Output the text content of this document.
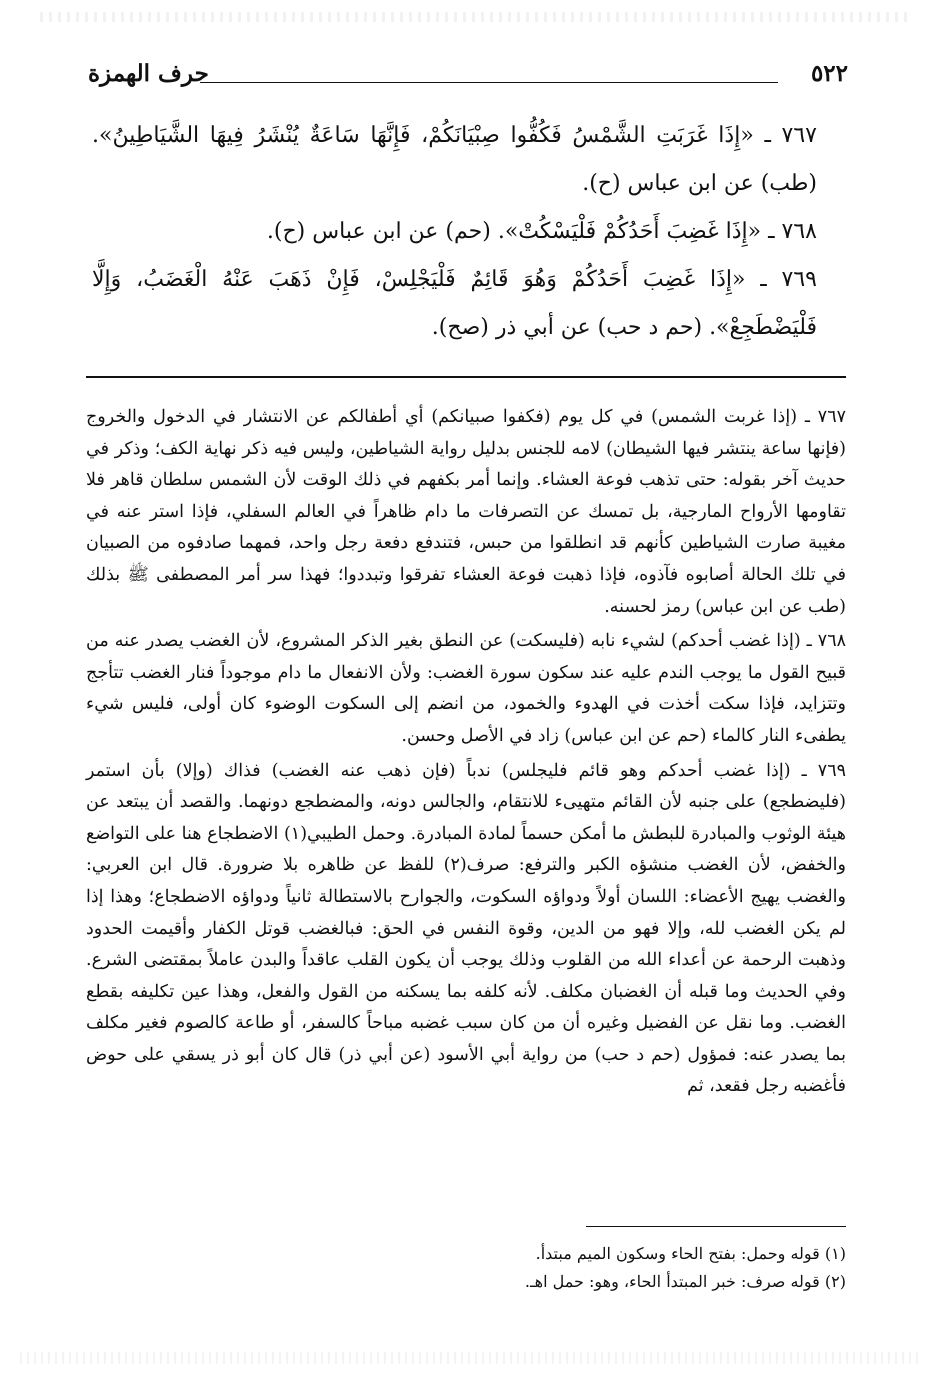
٥٢٢
حرف الهمزة

٧٦٧ ـ «إِذَا غَرَبَتِ الشَّمْسُ فَكُفُّوا صِبْيَانَكُمْ، فَإِنَّهَا سَاعَةٌ يُنْشَرُ فِيهَا الشَّيَاطِينُ». (طب) عن ابن عباس (ح).

٧٦٨ ـ «إِذَا غَضِبَ أَحَدُكُمْ فَلْيَسْكُتْ». (حم) عن ابن عباس (ح).

٧٦٩ ـ «إِذَا غَضِبَ أَحَدُكُمْ وَهُوَ قَائِمٌ فَلْيَجْلِسْ، فَإِنْ ذَهَبَ عَنْهُ الْغَضَبُ، وَإِلَّا فَلْيَضْطَجِعْ». (حم د حب) عن أبي ذر (صح).

٧٦٧ ـ (إذا غربت الشمس) في كل يوم (فكفوا صبيانكم) أي أطفالكم عن الانتشار في الدخول والخروج (فإنها ساعة ينتشر فيها الشيطان) لامه للجنس بدليل رواية الشياطين، وليس فيه ذكر نهاية الكف؛ وذكر في حديث آخر بقوله: حتى تذهب فوعة العشاء. وإنما أمر بكفهم في ذلك الوقت لأن الشمس سلطان قاهر فلا تقاومها الأرواح المارجية، بل تمسك عن التصرفات ما دام ظاهراً في العالم السفلي، فإذا استر عنه في مغيبة صارت الشياطين كأنهم قد انطلقوا من حبس، فتندفع دفعة رجل واحد، فمهما صادفوه من الصبيان في تلك الحالة أصابوه فآذوه، فإذا ذهبت فوعة العشاء تفرقوا وتبددوا؛ فهذا سر أمر المصطفى ﷺ بذلك (طب عن ابن عباس) رمز لحسنه.

٧٦٨ ـ (إذا غضب أحدكم) لشيء نابه (فليسكت) عن النطق بغير الذكر المشروع، لأن الغضب يصدر عنه من قبيح القول ما يوجب الندم عليه عند سكون سورة الغضب: ولأن الانفعال ما دام موجوداً فنار الغضب تتأجج وتتزايد، فإذا سكت أخذت في الهدوء والخمود، من انضم إلى السكوت الوضوء كان أولى، فليس شيء يطفىء النار كالماء (حم عن ابن عباس) زاد في الأصل وحسن.

٧٦٩ ـ (إذا غضب أحدكم وهو قائم فليجلس) ندباً (فإن ذهب عنه الغضب) فذاك (وإلا) بأن استمر (فليضطجع) على جنبه لأن القائم متهيىء للانتقام، والجالس دونه، والمضطجع دونهما. والقصد أن يبتعد عن هيئة الوثوب والمبادرة للبطش ما أمكن حسماً لمادة المبادرة. وحمل الطيبي(١) الاضطجاع هنا على التواضع والخفض، لأن الغضب منشؤه الكبر والترفع: صرف(٢) للفظ عن ظاهره بلا ضرورة. قال ابن العربي: والغضب يهيج الأعضاء: اللسان أولاً ودواؤه السكوت، والجوارح بالاستطالة ثانياً ودواؤه الاضطجاع؛ وهذا إذا لم يكن الغضب لله، وإلا فهو من الدين، وقوة النفس في الحق: فبالغضب قوتل الكفار وأقيمت الحدود وذهبت الرحمة عن أعداء الله من القلوب وذلك يوجب أن يكون القلب عاقداً والبدن عاملاً بمقتضى الشرع. وفي الحديث وما قبله أن الغضبان مكلف. لأنه كلفه بما يسكنه من القول والفعل، وهذا عين تكليفه بقطع الغضب. وما نقل عن الفضيل وغيره أن من كان سبب غضبه مباحاً كالسفر، أو طاعة كالصوم فغير مكلف بما يصدر عنه: فمؤول (حم د حب) من رواية أبي الأسود (عن أبي ذر) قال كان أبو ذر يسقي على حوض فأغضبه رجل فقعد، ثم

(١) قوله وحمل: بفتح الحاء وسكون الميم مبتدأ.

(٢) قوله صرف: خبر المبتدأ الحاء، وهو: حمل اهـ.
